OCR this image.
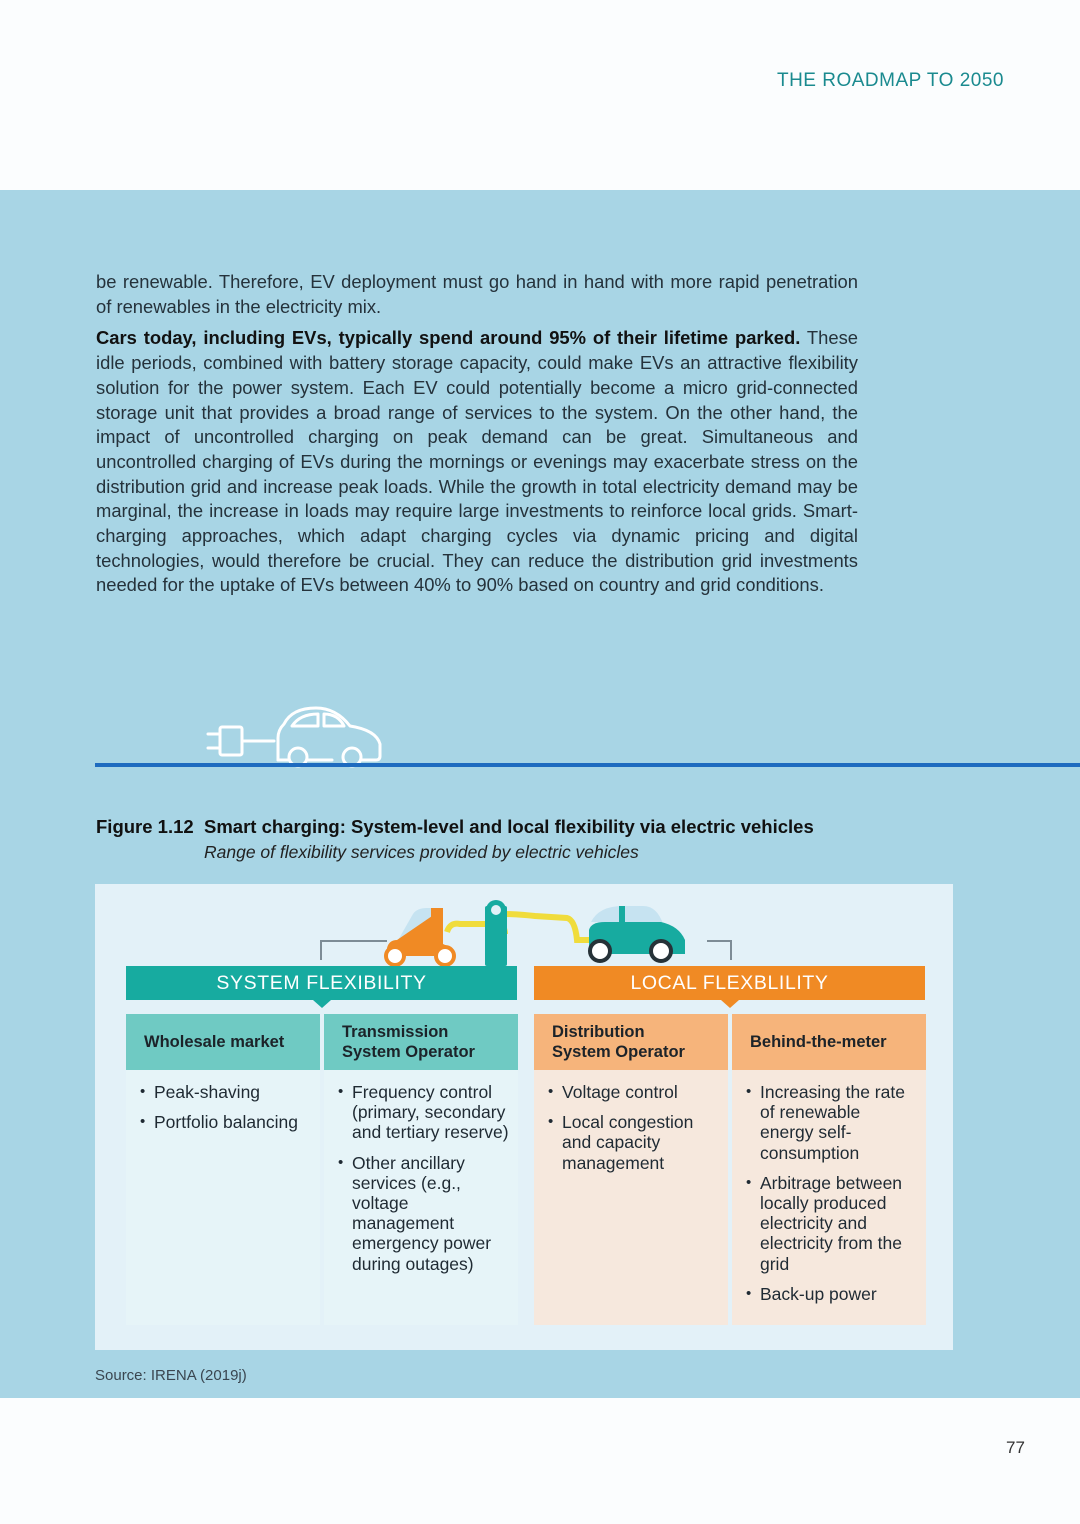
THE ROADMAP TO 2050

be renewable. Therefore, EV deployment must go hand in hand with more rapid penetration of renewables in the electricity mix.

Cars today, including EVs, typically spend around 95% of their lifetime parked. These idle periods, combined with battery storage capacity, could make EVs an attractive flexibility solution for the power system. Each EV could potentially become a micro grid-connected storage unit that provides a broad range of services to the system. On the other hand, the impact of uncontrolled charging on peak demand can be great. Simultaneous and uncontrolled charging of EVs during the mornings or evenings may exacerbate stress on the distribution grid and increase peak loads. While the growth in total electricity demand may be marginal, the increase in loads may require large investments to reinforce local grids. Smart-charging approaches, which adapt charging cycles via dynamic pricing and digital technologies, would therefore be crucial. They can reduce the distribution grid investments needed for the uptake of EVs between 40% to 90% based on country and grid conditions.

Figure 1.12 Smart charging: System-level and local flexibility via electric vehicles
Range of flexibility services provided by electric vehicles
SYSTEM FLEXIBILITY	LOCAL FLEXBLILITY
Wholesale market
• Peak-shaving
• Portfolio balancing
Transmission System Operator
• Frequency control (primary, secondary and tertiary reserve)
• Other ancillary services (e.g., voltage management emergency power during outages)
Distribution System Operator
• Voltage control
• Local congestion and capacity management
Behind-the-meter
• Increasing the rate of renewable energy self-consumption
• Arbitrage between locally produced electricity and electricity from the grid
• Back-up power
Source: IRENA (2019j)
77
